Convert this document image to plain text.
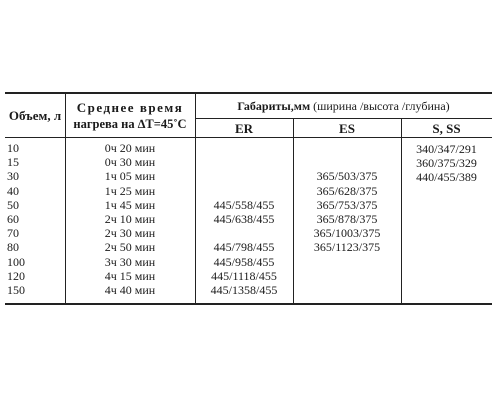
Объем, л
Среднее время
нагрева на ∆T=45˚С
Габариты,мм (ширина /высота /глубина)
ER	ES	S, SS
10
15
30
40
50
60
70
80
100
120
150
0ч 20 мин
0ч 30 мин
1ч 05 мин
1ч 25 мин
1ч 45 мин
2ч 10 мин
2ч 30 мин
2ч 50 мин
3ч 30 мин
4ч 15 мин
4ч 40 мин
445/558/455
445/638/455
445/798/455
445/958/455
445/1118/455
445/1358/455
365/503/375
365/628/375
365/753/375
365/878/375
365/1003/375
365/1123/375
340/347/291
360/375/329
440/455/389
